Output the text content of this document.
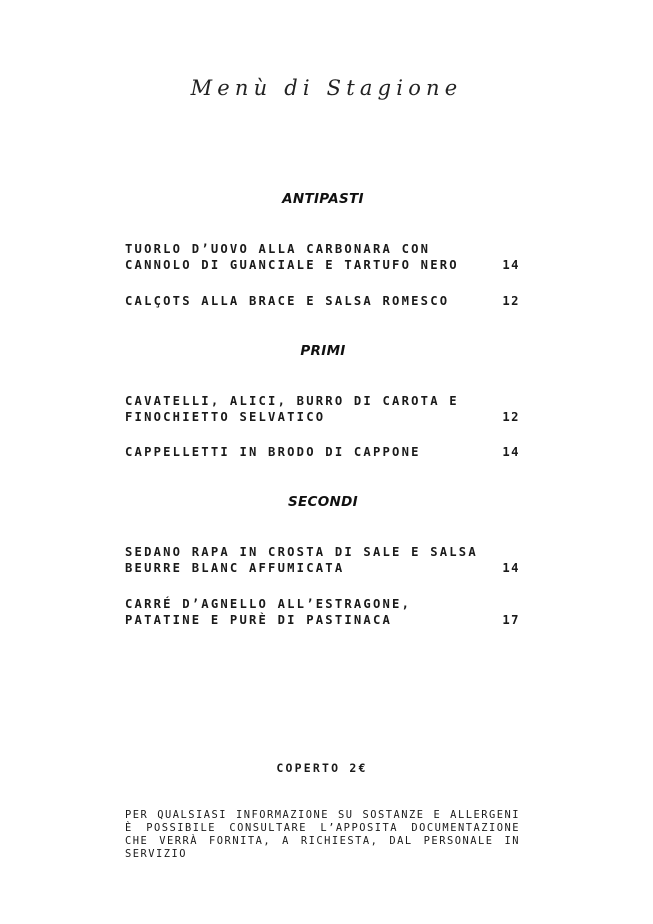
Menù di Stagione
ANTIPASTI
TUORLO D’UOVO ALLA CARBONARA CON CANNOLO DI GUANCIALE E TARTUFO NERO	14
CALÇOTS ALLA BRACE E SALSA ROMESCO	12
PRIMI
CAVATELLI, ALICI, BURRO DI CAROTA E FINOCHIETTO SELVATICO	12
CAPPELLETTI IN BRODO DI CAPPONE	14
SECONDI
SEDANO RAPA IN CROSTA DI SALE E SALSA BEURRE BLANC AFFUMICATA	14
CARRÉ D’AGNELLO ALL’ESTRAGONE, PATATINE E PURÈ DI PASTINACA	17
COPERTO 2€
PER QUALSIASI INFORMAZIONE SU SOSTANZE E ALLERGENI È POSSIBILE CONSULTARE L’APPOSITA DOCUMENTAZIONE CHE VERRÀ FORNITA, A RICHIESTA, DAL PERSONALE IN SERVIZIO
